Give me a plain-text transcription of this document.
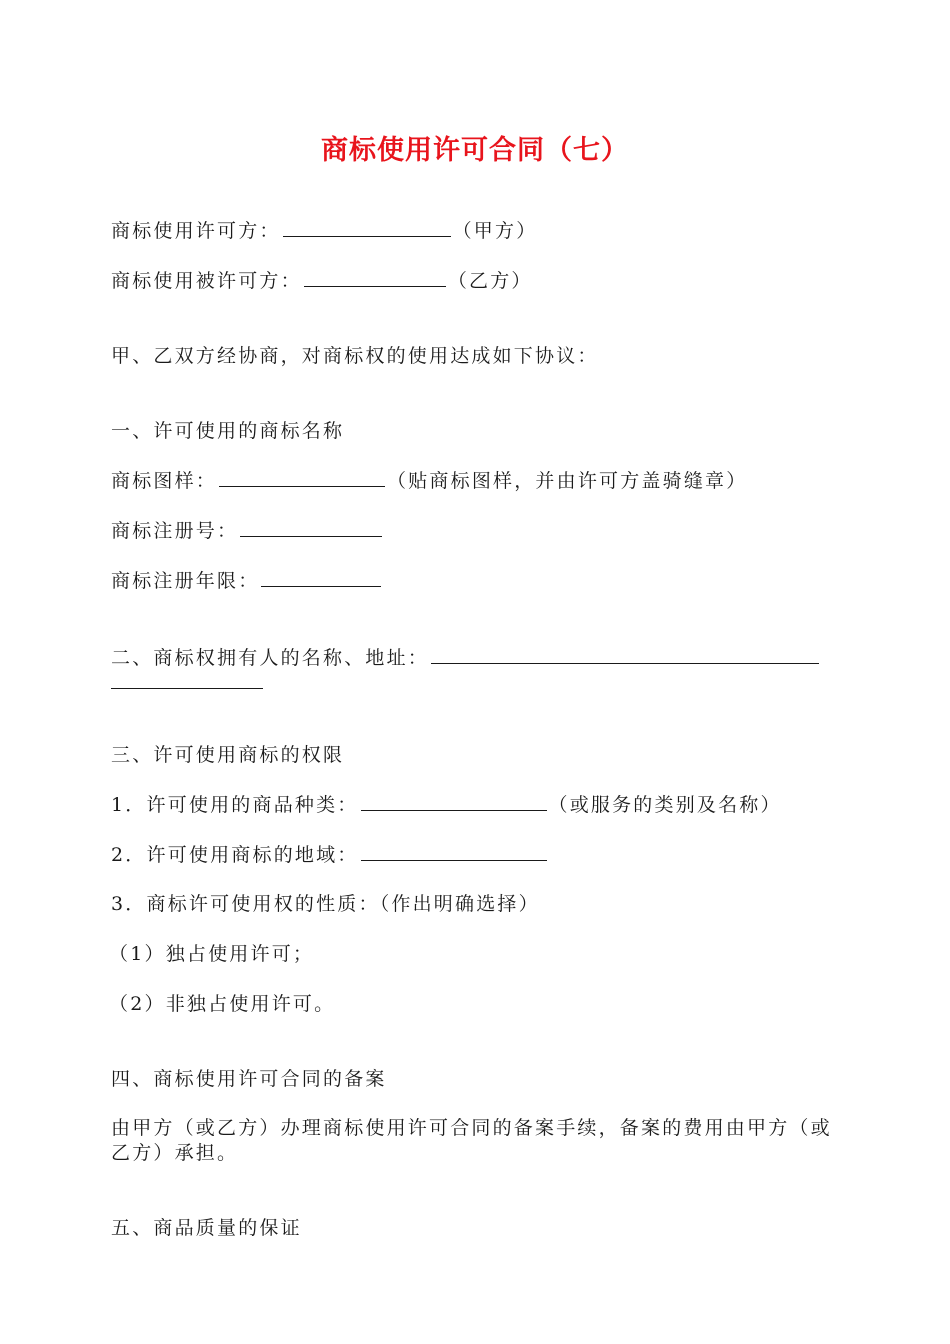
商标使用许可合同（七）
商标使用许可方：	（甲方）
商标使用被许可方：	（乙方）
甲、乙双方经协商，对商标权的使用达成如下协议：
一、许可使用的商标名称
商标图样：	（贴商标图样，并由许可方盖骑缝章）
商标注册号：
商标注册年限：
二、商标权拥有人的名称、地址：
三、许可使用商标的权限
1．许可使用的商品种类：	（或服务的类别及名称）
2．许可使用商标的地域：
3．商标许可使用权的性质：（作出明确选择）
（1）独占使用许可；
（2）非独占使用许可。
四、商标使用许可合同的备案
由甲方（或乙方）办理商标使用许可合同的备案手续，备案的费用由甲方（或乙方）承担。
五、商品质量的保证
